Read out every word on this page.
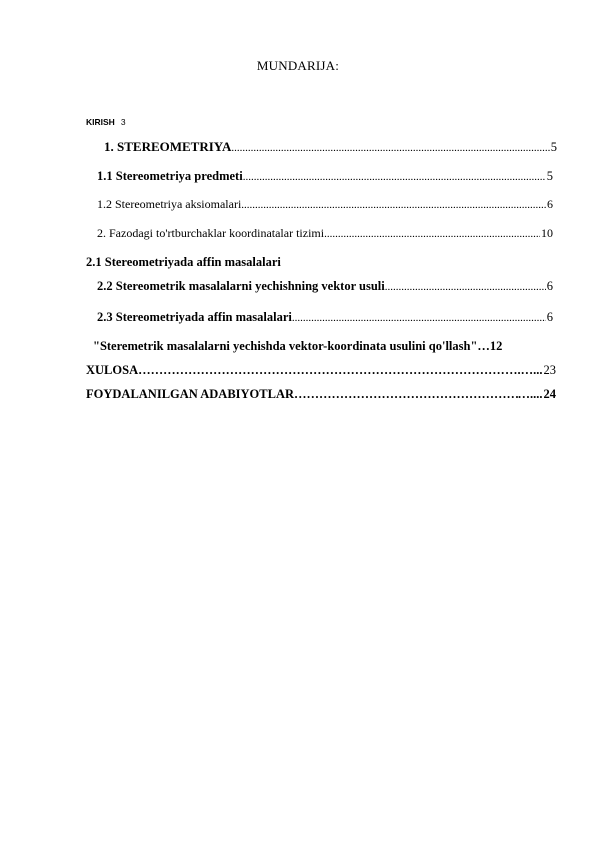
MUNDARIJA:
KIRISH 3
1. STEREOMETRIYA .....	5
1.1 Stereometriya predmeti .....	5
1.2 Stereometriya aksiomalari .....	6
2. Fazodagi to'rtburchaklar koordinatalar tizimi .....	10
2.1 Stereometriyada affin masalalari
2.2 Stereometrik masalalarni yechishning vektor usuli .....	6
2.3 Stereometriyada affin masalalari .....	6
"Steremetrik masalalarni yechishda vektor-koordinata usulini qo'llash"…12
XULOSA ………………………………………………………………………………………………………………………………………………………………	….…... 23
FOYDALANILGAN ADABIYOTLAR ………………………………………………………………………………………………………………………………………………………………	….... 24
